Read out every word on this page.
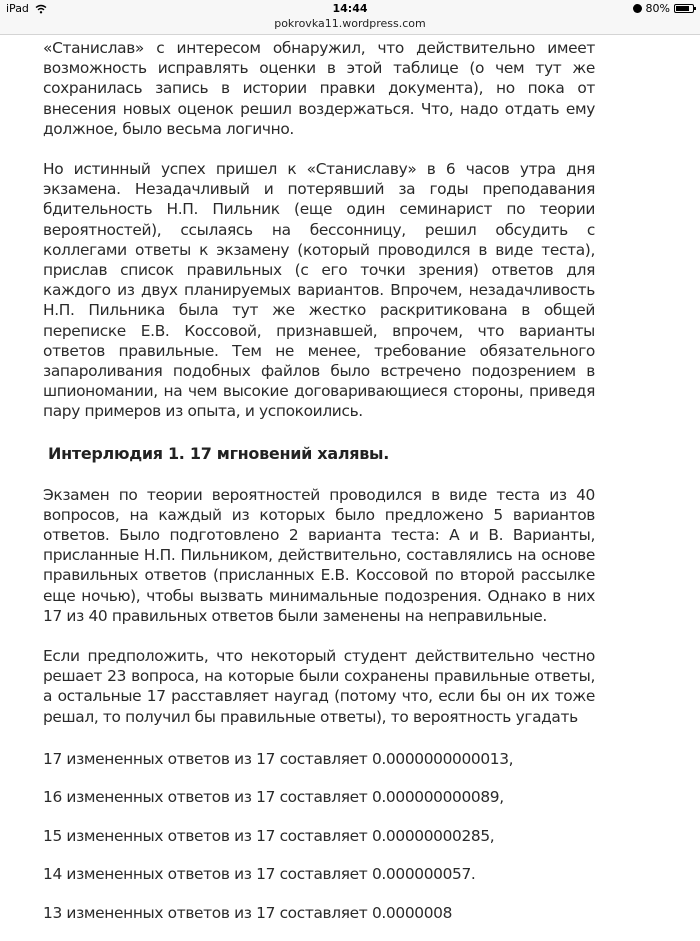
iPad	14:44
pokrovka11.wordpress.com
80%

«Станислав» с интересом обнаружил, что действительно имеет возможность исправлять оценки в этой таблице (о чем тут же сохранилась запись в истории правки документа), но пока от внесения новых оценок решил воздержаться. Что, надо отдать ему должное, было весьма логично.

Но истинный успех пришел к «Станиславу» в 6 часов утра дня экзамена. Незадачливый и потерявший за годы преподавания бдительность Н.П. Пильник (еще один семинарист по теории вероятностей), ссылаясь на бессонницу, решил обсудить с коллегами ответы к экзамену (который проводился в виде теста), прислав список правильных (с его точки зрения) ответов для каждого из двух планируемых вариантов. Впрочем, незадачливость Н.П. Пильника была тут же жестко раскритикована в общей переписке Е.В. Коссовой, признавшей, впрочем, что варианты ответов правильные. Тем не менее, требование обязательного запароливания подобных файлов было встречено подозрением в шпиономании, на чем высокие договаривающиеся стороны, приведя пару примеров из опыта, и успокоились.

Интерлюдия 1. 17 мгновений халявы.

Экзамен по теории вероятностей проводился в виде теста из 40 вопросов, на каждый из которых было предложено 5 вариантов ответов. Было подготовлено 2 варианта теста: А и В. Варианты, присланные Н.П. Пильником, действительно, составлялись на основе правильных ответов (присланных Е.В. Коссовой по второй рассылке еще ночью), чтобы вызвать минимальные подозрения. Однако в них 17 из 40 правильных ответов были заменены на неправильные.

Если предположить, что некоторый студент действительно честно решает 23 вопроса, на которые были сохранены правильные ответы, а остальные 17 расставляет наугад (потому что, если бы он их тоже решал, то получил бы правильные ответы), то вероятность угадать

17 измененных ответов из 17 составляет 0.0000000000013,

16 измененных ответов из 17 составляет 0.000000000089,

15 измененных ответов из 17 составляет 0.00000000285,

14 измененных ответов из 17 составляет 0.000000057.

13 измененных ответов из 17 составляет 0.0000008
